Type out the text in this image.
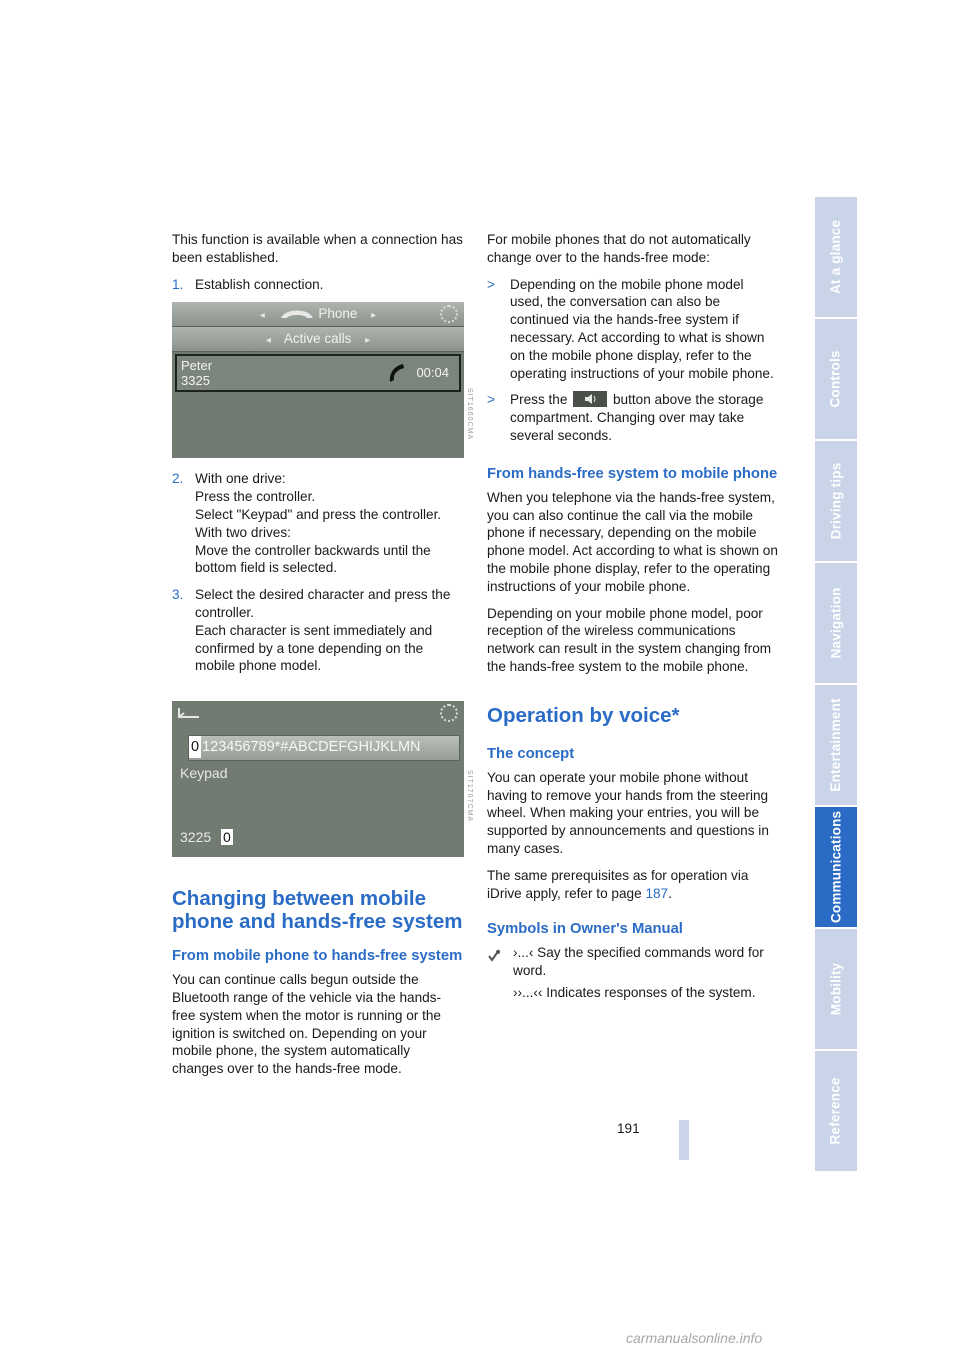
This function is available when a connection has been established.

1. Establish connection.
◂	Phone ▸
◂ Active calls ▸
Peter
3325
00:04
2. With one drive:
Press the controller.
Select "Keypad" and press the controller.
With two drives:
Move the controller backwards until the bottom field is selected.
3. Select the desired character and press the controller.
Each character is sent immediately and confirmed by a tone depending on the mobile phone model.
0 123456789*#ABCDEFGHIJKLMN
Keypad
3225 0
Changing between mobile phone and hands-free system
From mobile phone to hands-free system

You can continue calls begun outside the Bluetooth range of the vehicle via the hands-free system when the motor is running or the ignition is switched on. Depending on your mobile phone, the system automatically changes over to the hands-free mode.

SIT1660CMA
SIT1707CMA

For mobile phones that do not automatically change over to the hands-free mode:

>	Depending on the mobile phone model used, the conversation can also be continued via the hands-free system if necessary. Act according to what is shown on the mobile phone display, refer to the operating instructions of your mobile phone.
>	Press the	button above the storage compartment. Changing over may take several seconds.
From hands-free system to mobile phone

When you telephone via the hands-free system, you can also continue the call via the mobile phone if necessary, depending on the mobile phone model. Act according to what is shown on the mobile phone display, refer to the operating instructions of your mobile phone.

Depending on your mobile phone model, poor reception of the wireless communications network can result in the system changing from the hands-free system to the mobile phone.

Operation by voice*
The concept

You can operate your mobile phone without having to remove your hands from the steering wheel. When making your entries, you will be supported by announcements and questions in many cases.

The same prerequisites as for operation via iDrive apply, refer to page 187.

Symbols in Owner's Manual
›...‹ Say the specified commands word for word.
››...‹‹ Indicates responses of the system.
At a glance
Controls
Driving tips
Navigation
Entertainment
Communications
Mobility
Reference
191
carmanualsonline.info
